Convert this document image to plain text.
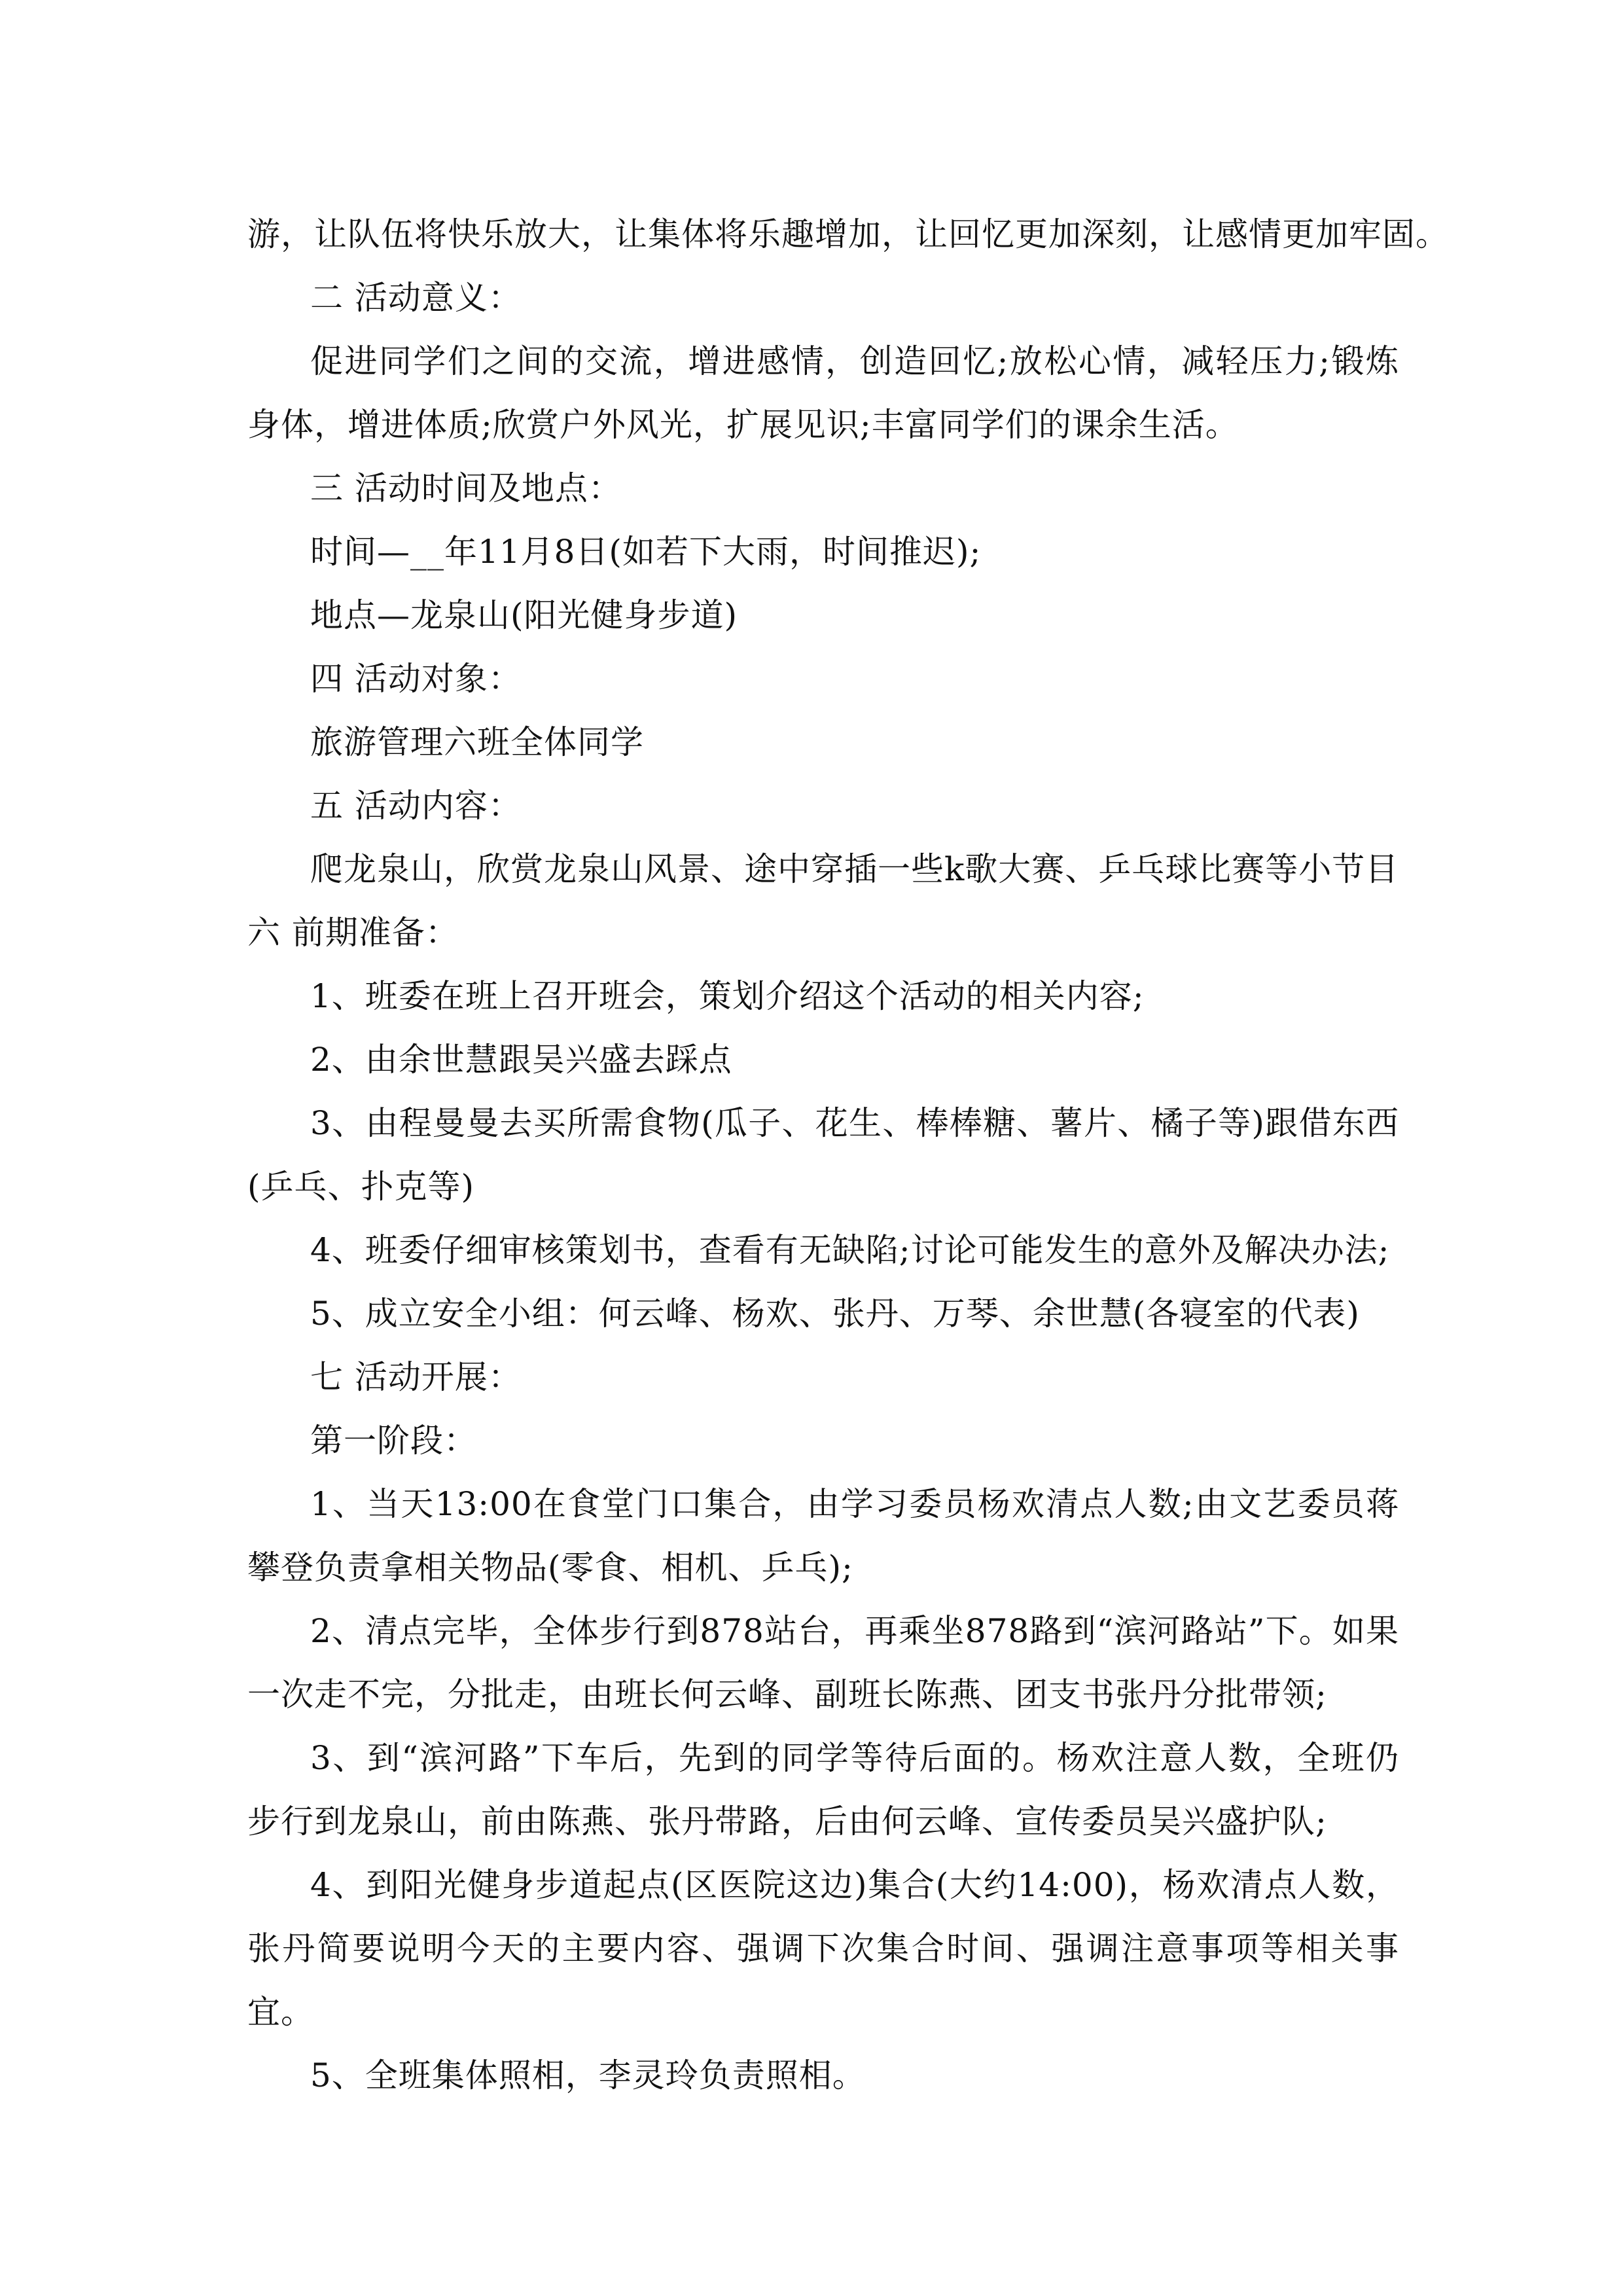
游，让队伍将快乐放大，让集体将乐趣增加，让回忆更加深刻，让感情更加牢固。

二 活动意义：

促进同学们之间的交流，增进感情，创造回忆;放松心情，减轻压力;锻炼身体，增进体质;欣赏户外风光，扩展见识;丰富同学们的课余生活。

三 活动时间及地点：

时间—__年11月8日(如若下大雨，时间推迟);

地点—龙泉山(阳光健身步道)

四 活动对象：

旅游管理六班全体同学

五 活动内容：

爬龙泉山，欣赏龙泉山风景、途中穿插一些k歌大赛、乒乓球比赛等小节目

六 前期准备：

1、班委在班上召开班会，策划介绍这个活动的相关内容;

2、由余世慧跟吴兴盛去踩点

3、由程曼曼去买所需食物(瓜子、花生、棒棒糖、薯片、橘子等)跟借东西(乒乓、扑克等)

4、班委仔细审核策划书，查看有无缺陷;讨论可能发生的意外及解决办法;

5、成立安全小组：何云峰、杨欢、张丹、万琴、余世慧(各寝室的代表)

七 活动开展：

第一阶段：

1、当天13:00在食堂门口集合，由学习委员杨欢清点人数;由文艺委员蒋攀登负责拿相关物品(零食、相机、乒乓);

2、清点完毕，全体步行到878站台，再乘坐878路到“滨河路站”下。如果一次走不完，分批走，由班长何云峰、副班长陈燕、团支书张丹分批带领;

3、到“滨河路”下车后，先到的同学等待后面的。杨欢注意人数，全班仍步行到龙泉山，前由陈燕、张丹带路，后由何云峰、宣传委员吴兴盛护队;

4、到阳光健身步道起点(区医院这边)集合(大约14:00)，杨欢清点人数，张丹简要说明今天的主要内容、强调下次集合时间、强调注意事项等相关事宜。

5、全班集体照相，李灵玲负责照相。
